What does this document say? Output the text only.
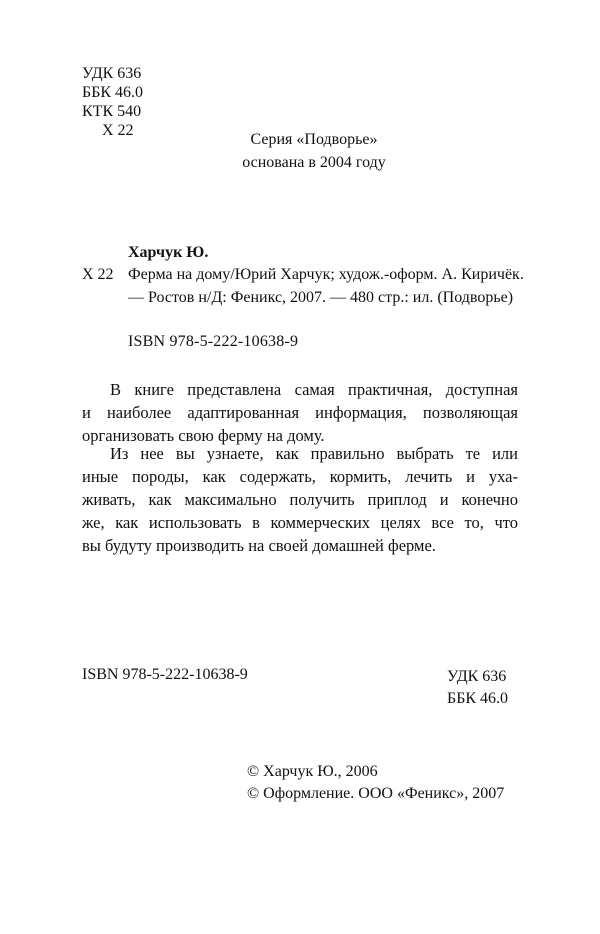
УДК 636
ББК 46.0
КТК 540
Х 22
Серия «Подворье»
основана в 2004 году
Харчук Ю.
Х 22 Ферма на дому/Юрий Харчук; худож.-оформ. А. Киричёк.
— Ростов н/Д: Феникс, 2007. — 480 стр.: ил. (Подворье)
ISBN 978-5-222-10638-9
В книге представлена самая практичная, доступная
и наиболее адаптированная информация, позволяющая
организовать свою ферму на дому.
Из нее вы узнаете, как правильно выбрать те или
иные породы, как содержать, кормить, лечить и уха-
живать, как максимально получить приплод и конечно
же, как использовать в коммерческих целях все то, что
вы будуту производить на своей домашней ферме.
ISBN 978-5-222-10638-9	УДК 636
ББК 46.0
© Харчук Ю., 2006
© Оформление. ООО «Феникс», 2007
